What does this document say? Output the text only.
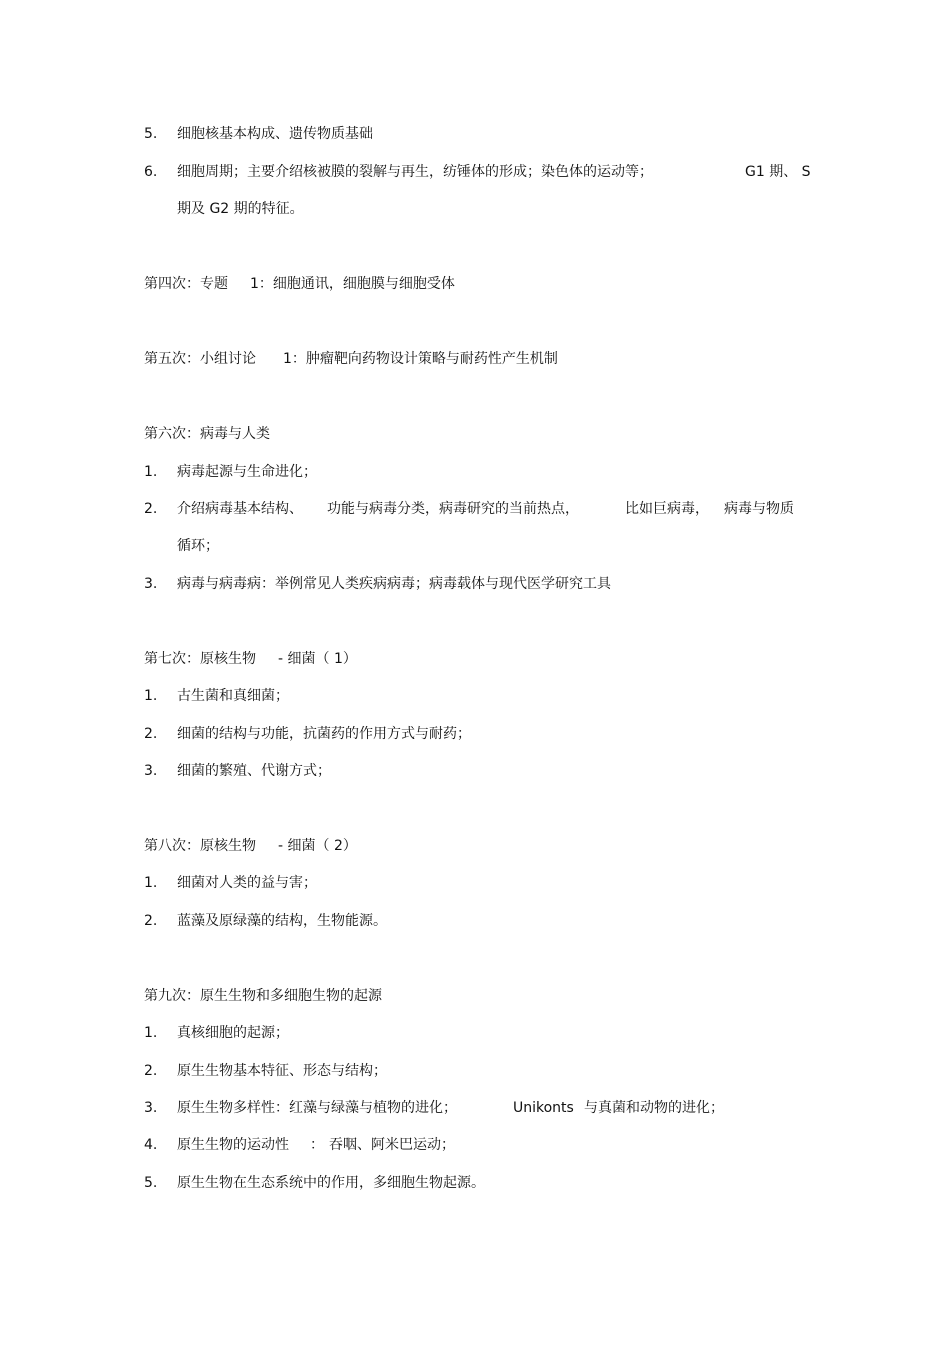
5. 细胞核基本构成、遗传物质基础
6. 细胞周期；主要介绍核被膜的裂解与再生，纺锤体的形成；染色体的运动等；	G1 期、 S
期及 G2 期的特征。
第四次：专题 1：细胞通讯，细胞膜与细胞受体
第五次：小组讨论 1：肿瘤靶向药物设计策略与耐药性产生机制
第六次：病毒与人类
1. 病毒起源与生命进化；
2. 介绍病毒基本结构、 功能与病毒分类，病毒研究的当前热点，	比如巨病毒， 病毒与物质
循环；
3. 病毒与病毒病：举例常见人类疾病病毒；病毒载体与现代医学研究工具
第七次：原核生物 - 细菌（ 1）
1. 古生菌和真细菌；
2. 细菌的结构与功能，抗菌药的作用方式与耐药；
3. 细菌的繁殖、代谢方式；
第八次：原核生物 - 细菌（ 2）
1. 细菌对人类的益与害；
2. 蓝藻及原绿藻的结构，生物能源。
第九次：原生生物和多细胞生物的起源
1. 真核细胞的起源；
2. 原生生物基本特征、形态与结构；
3. 原生生物多样性：红藻与绿藻与植物的进化；	Unikonts 与真菌和动物的进化；
4. 原生生物的运动性 ： 吞咽、阿米巴运动；
5. 原生生物在生态系统中的作用，多细胞生物起源。
